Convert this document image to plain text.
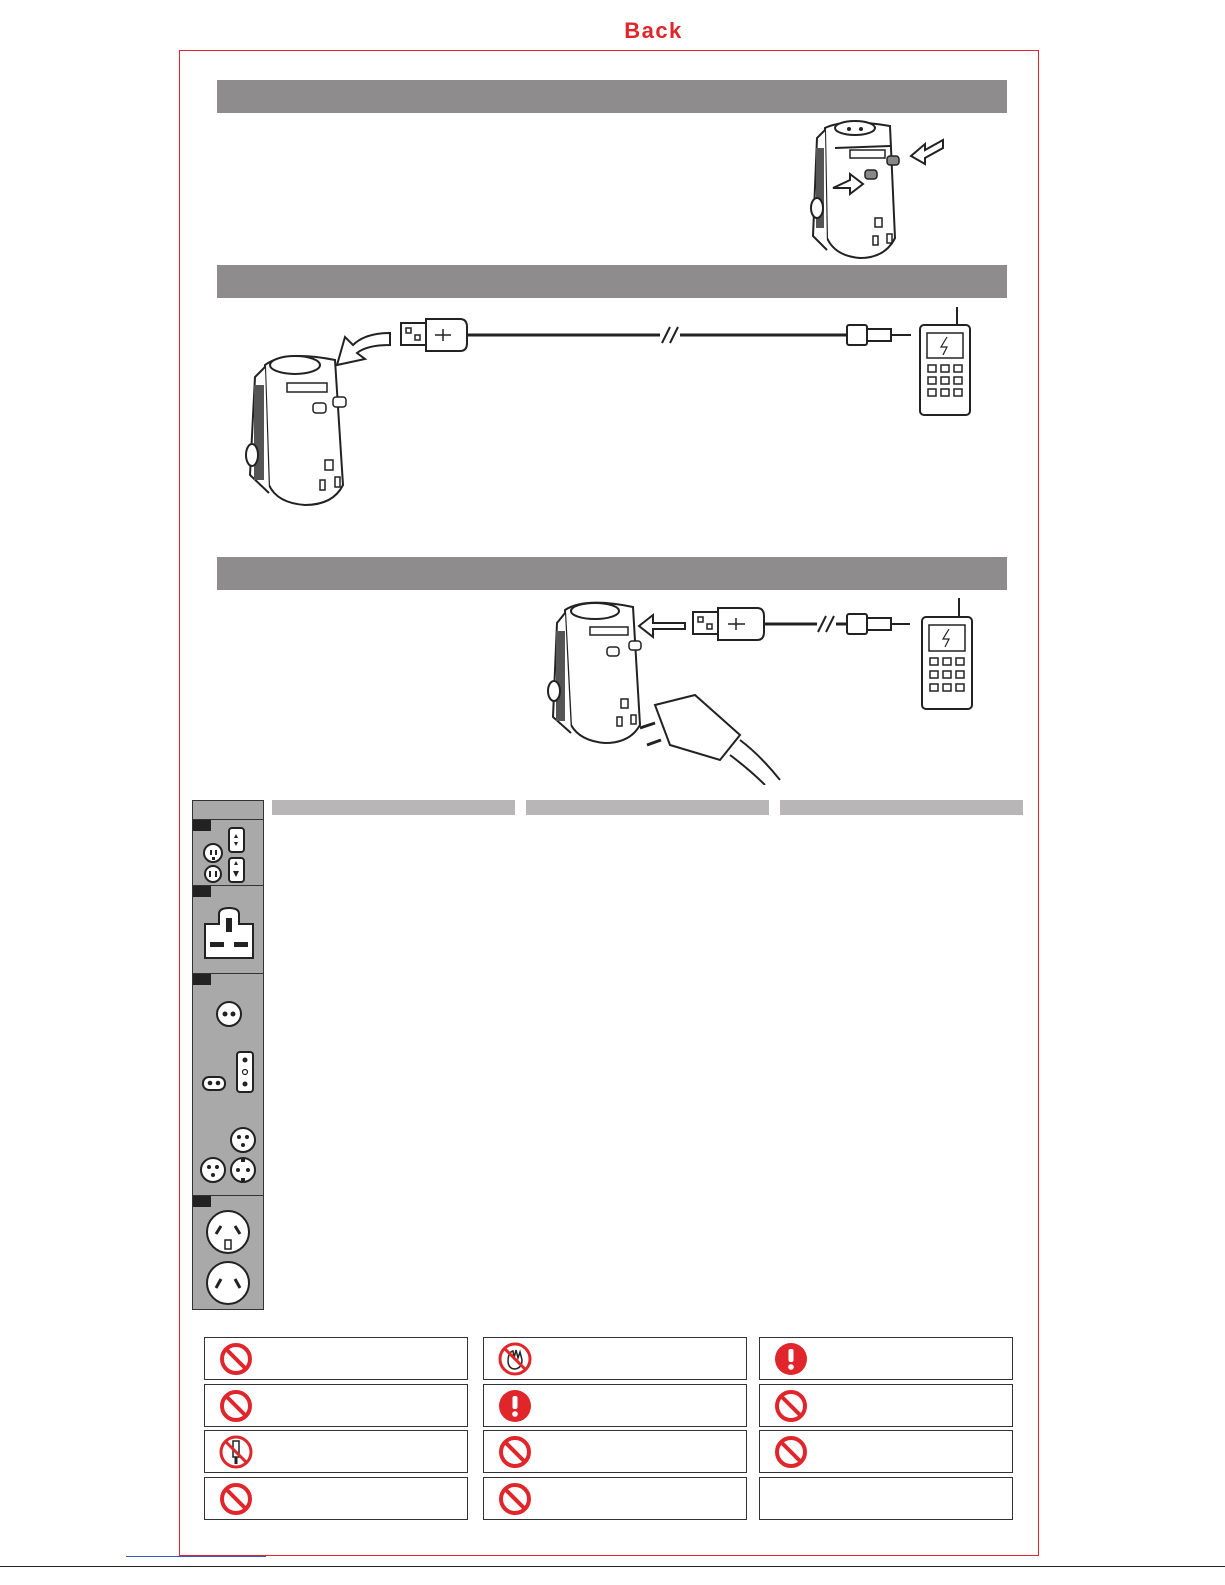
Back
